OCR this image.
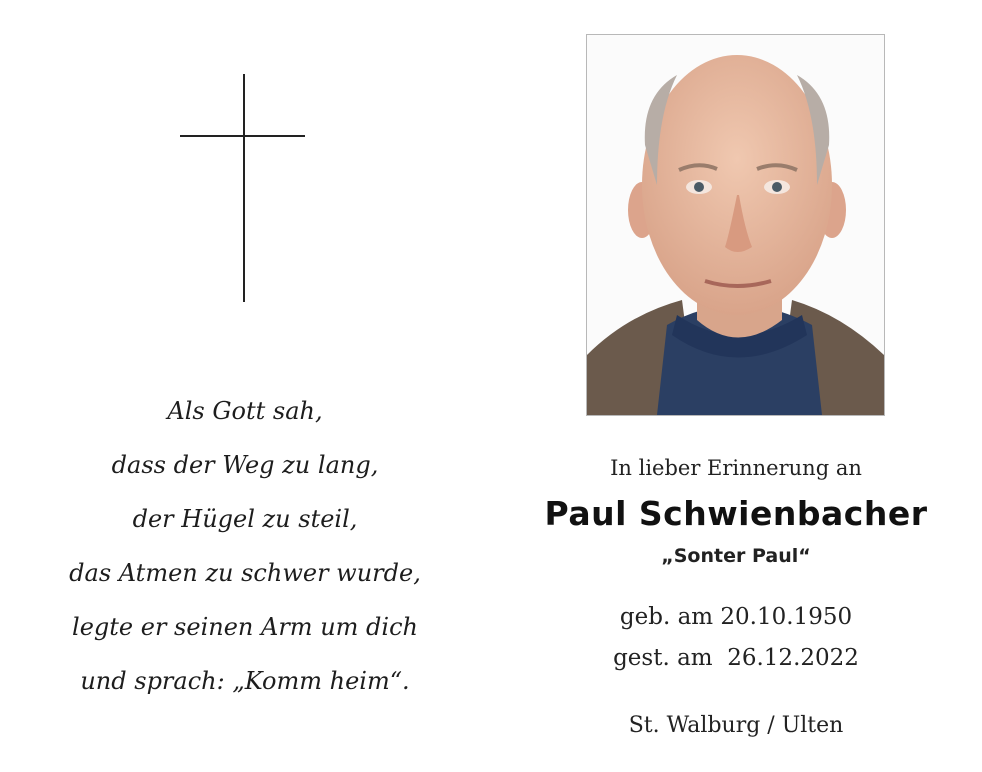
Als Gott sah,
dass der Weg zu lang,
der Hügel zu steil,
das Atmen zu schwer wurde,
legte er seinen Arm um dich
und sprach: „Komm heim“.
In lieber Erinnerung an
Paul Schwienbacher
„Sonter Paul“
geb. am 20.10.1950
gest. am  26.12.2022
St. Walburg / Ulten
